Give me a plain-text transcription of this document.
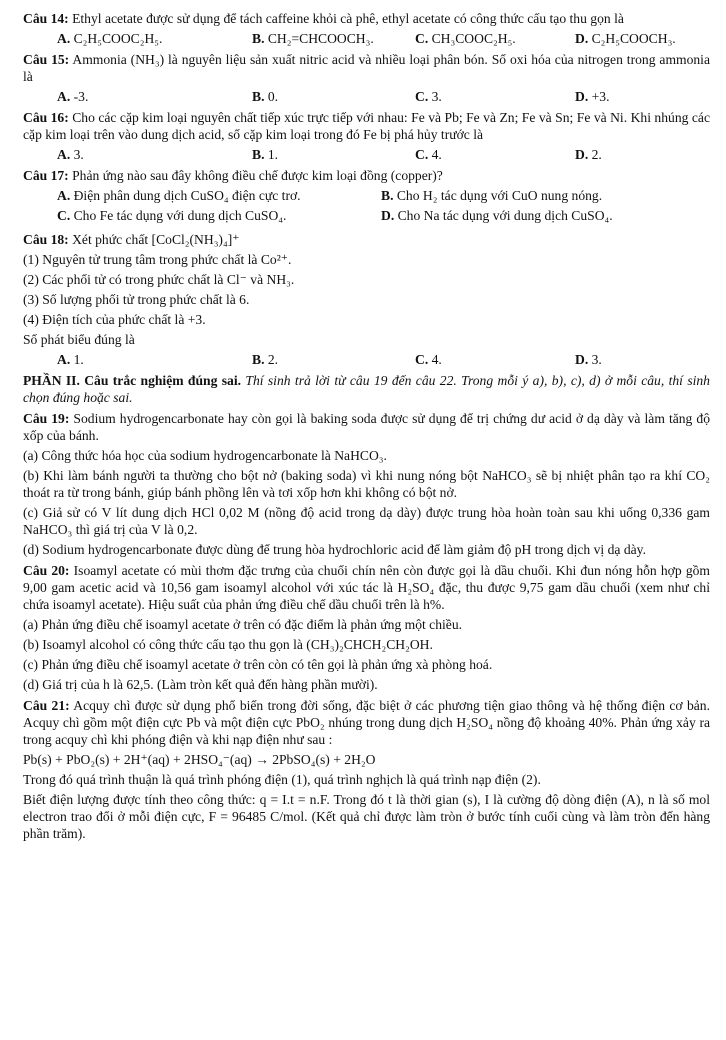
Câu 14: Ethyl acetate được sử dụng để tách caffeine khỏi cà phê, ethyl acetate có công thức cấu tạo thu gọn là

A. C₂H₅COOC₂H₅.	B. CH₂=CHCOOCH₃.	C. CH₃COOC₂H₅.	D. C₂H₅COOCH₃.

Câu 15: Ammonia (NH₃) là nguyên liệu sản xuất nitric acid và nhiều loại phân bón. Số oxi hóa của nitrogen trong ammonia là

A. -3.	B. 0.	C. 3.	D. +3.

Câu 16: Cho các cặp kim loại nguyên chất tiếp xúc trực tiếp với nhau: Fe và Pb; Fe và Zn; Fe và Sn; Fe và Ni. Khi nhúng các cặp kim loại trên vào dung dịch acid, số cặp kim loại trong đó Fe bị phá hủy trước là

A. 3.	B. 1.	C. 4.	D. 2.

Câu 17: Phản ứng nào sau đây không điều chế được kim loại đồng (copper)?

A. Điện phân dung dịch CuSO₄ điện cực trơ.	B. Cho H₂ tác dụng với CuO nung nóng.
C. Cho Fe tác dụng với dung dịch CuSO₄.	D. Cho Na tác dụng với dung dịch CuSO₄.

Câu 18: Xét phức chất [CoCl₂(NH₃)₄]⁺

(1) Nguyên tử trung tâm trong phức chất là Co²⁺.

(2) Các phối tử có trong phức chất là Cl⁻ và NH₃.

(3) Số lượng phối tử trong phức chất là 6.

(4) Điện tích của phức chất là +3.

Số phát biểu đúng là

A. 1.	B. 2.	C. 4.	D. 3.

PHẦN II. Câu trắc nghiệm đúng sai. Thí sinh trả lời từ câu 19 đến câu 22. Trong mỗi ý a), b), c), d) ở mỗi câu, thí sinh chọn đúng hoặc sai.

Câu 19: Sodium hydrogencarbonate hay còn gọi là baking soda được sử dụng để trị chứng dư acid ở dạ dày và làm tăng độ xốp của bánh.

(a) Công thức hóa học của sodium hydrogencarbonate là NaHCO₃.

(b) Khi làm bánh người ta thường cho bột nở (baking soda) vì khi nung nóng bột NaHCO₃ sẽ bị nhiệt phân tạo ra khí CO₂ thoát ra từ trong bánh, giúp bánh phồng lên và tơi xốp hơn khi không có bột nở.

(c) Giả sử có V lít dung dịch HCl 0,02 M (nồng độ acid trong dạ dày) được trung hòa hoàn toàn sau khi uống 0,336 gam NaHCO₃ thì giá trị của V là 0,2.

(d) Sodium hydrogencarbonate được dùng để trung hòa hydrochloric acid để làm giảm độ pH trong dịch vị dạ dày.

Câu 20: Isoamyl acetate có mùi thơm đặc trưng của chuối chín nên còn được gọi là dầu chuối. Khi đun nóng hỗn hợp gồm 9,00 gam acetic acid và 10,56 gam isoamyl alcohol với xúc tác là H₂SO₄ đặc, thu được 9,75 gam dầu chuối (xem như chỉ chứa isoamyl acetate). Hiệu suất của phản ứng điều chế dầu chuối trên là h%.

(a) Phản ứng điều chế isoamyl acetate ở trên có đặc điểm là phản ứng một chiều.

(b) Isoamyl alcohol có công thức cấu tạo thu gọn là (CH₃)₂CHCH₂CH₂OH.

(c) Phản ứng điều chế isoamyl acetate ở trên còn có tên gọi là phản ứng xà phòng hoá.

(d) Giá trị của h là 62,5. (Làm tròn kết quả đến hàng phần mười).

Câu 21: Acquy chì được sử dụng phổ biến trong đời sống, đặc biệt ở các phương tiện giao thông và hệ thống điện cơ bản. Acquy chì gồm một điện cực Pb và một điện cực PbO₂ nhúng trong dung dịch H₂SO₄ nồng độ khoảng 40%. Phản ứng xảy ra trong acquy chì khi phóng điện và khi nạp điện như sau :

Pb(s) + PbO₂(s) + 2H⁺(aq) + 2HSO₄⁻(aq) → 2PbSO₄(s) + 2H₂O

Trong đó quá trình thuận là quá trình phóng điện (1), quá trình nghịch là quá trình nạp điện (2).

Biết điện lượng được tính theo công thức: q = I.t = n.F. Trong đó t là thời gian (s), I là cường độ dòng điện (A), n là số mol electron trao đổi ở mỗi điện cực, F = 96485 C/mol. (Kết quả chỉ được làm tròn ở bước tính cuối cùng và làm tròn đến hàng phần trăm).
